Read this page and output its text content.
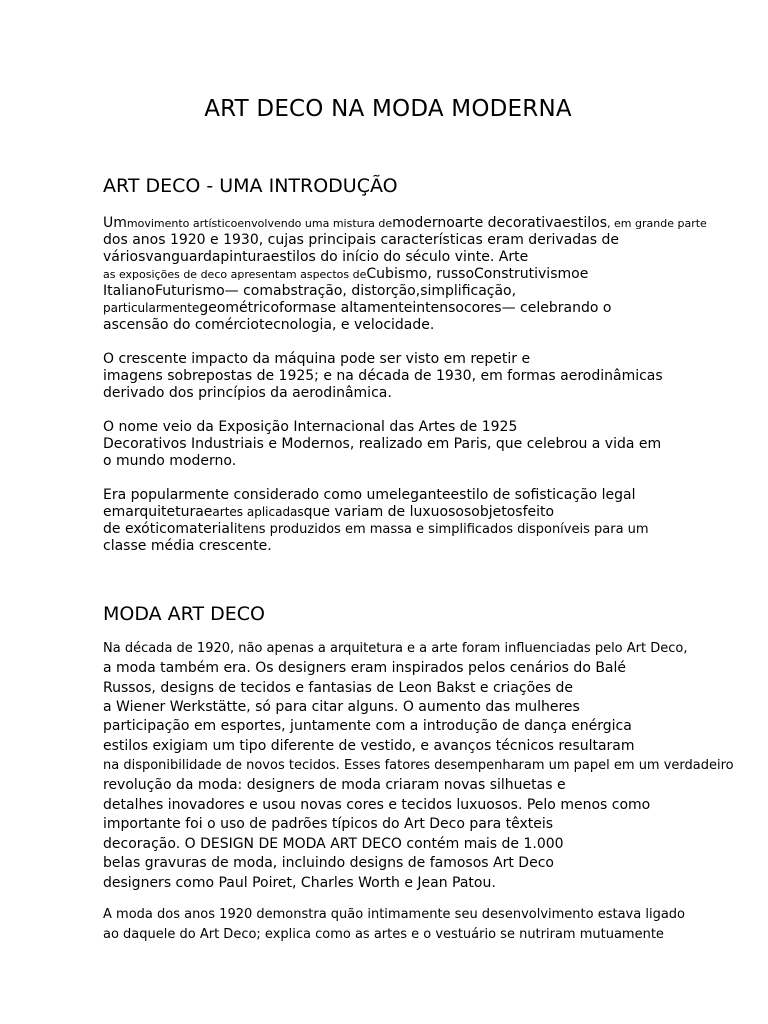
ART DECO NA MODA MODERNA
ART DECO - UMA INTRODUÇÃO

Ummovimento artísticoenvolvendo uma mistura demodernoarte decorativaestilos, em grande parte

dos anos 1920 e 1930, cujas principais características eram derivadas de

váriosvanguardapinturaestilos do início do século vinte. Arte

as exposições de deco apresentam aspectos deCubismo, russoConstrutivismoe

ItalianoFuturismo— comabstração, distorção,simplificação,

particularmentegeométricoformase altamenteintensocores— celebrando o

ascensão do comérciotecnologia, e velocidade.

O crescente impacto da máquina pode ser visto em repetir e

imagens sobrepostas de 1925; e na década de 1930, em formas aerodinâmicas

derivado dos princípios da aerodinâmica.

O nome veio da Exposição Internacional das Artes de 1925

Decorativos Industriais e Modernos, realizado em Paris, que celebrou a vida em

o mundo moderno.

Era popularmente considerado como umeleganteestilo de sofisticação legal

emarquiteturaeartes aplicadasque variam de luxuososobjetosfeito

de exóticomaterialitens produzidos em massa e simplificados disponíveis para um

classe média crescente.

MODA ART DECO

Na década de 1920, não apenas a arquitetura e a arte foram influenciadas pelo Art Deco,

a moda também era. Os designers eram inspirados pelos cenários do Balé

Russos, designs de tecidos e fantasias de Leon Bakst e criações de

a Wiener Werkstätte, só para citar alguns. O aumento das mulheres

participação em esportes, juntamente com a introdução de dança enérgica

estilos exigiam um tipo diferente de vestido, e avanços técnicos resultaram

na disponibilidade de novos tecidos. Esses fatores desempenharam um papel em um verdadeiro

revolução da moda: designers de moda criaram novas silhuetas e

detalhes inovadores e usou novas cores e tecidos luxuosos. Pelo menos como

importante foi o uso de padrões típicos do Art Deco para têxteis

decoração. O DESIGN DE MODA ART DECO contém mais de 1.000

belas gravuras de moda, incluindo designs de famosos Art Deco

designers como Paul Poiret, Charles Worth e Jean Patou.

A moda dos anos 1920 demonstra quão intimamente seu desenvolvimento estava ligado

ao daquele do Art Deco; explica como as artes e o vestuário se nutriram mutuamente
